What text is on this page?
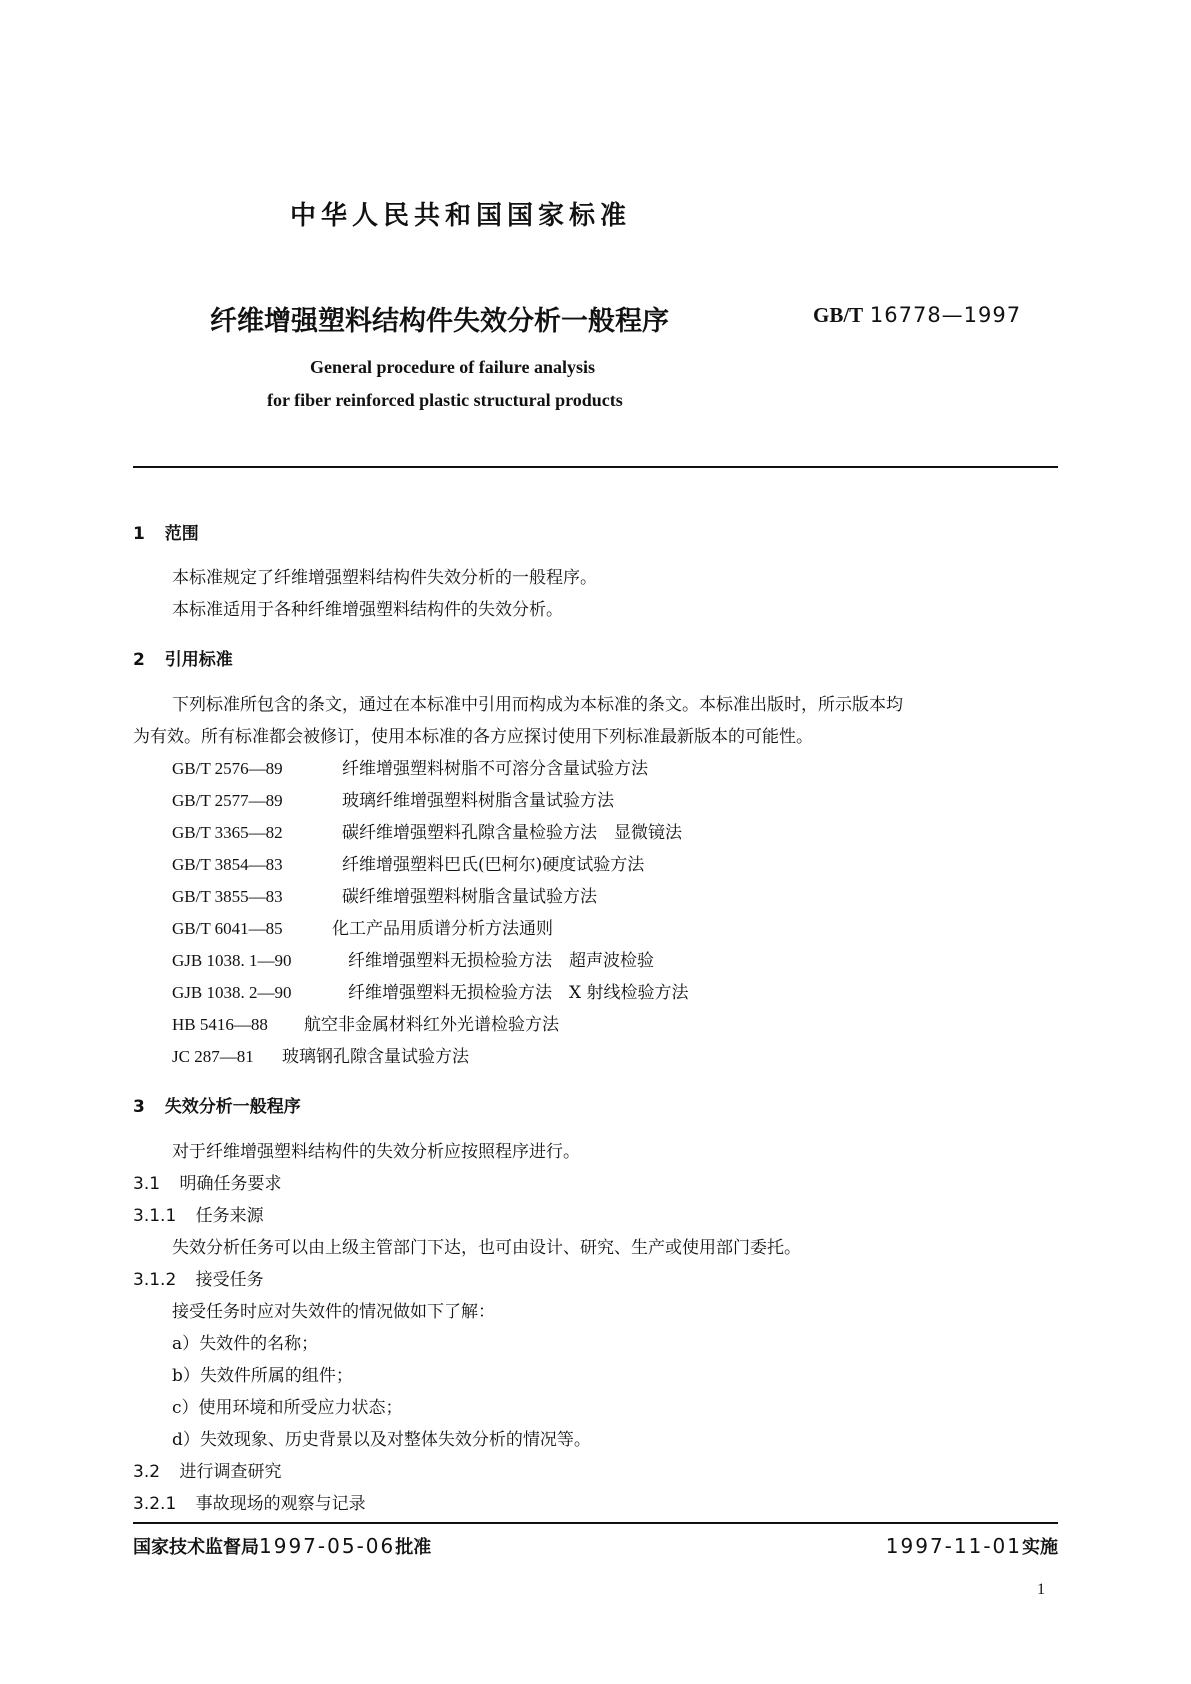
中华人民共和国国家标准
纤维增强塑料结构件失效分析一般程序	GB/T 16778—1997
General procedure of failure analysis
for fiber reinforced plastic structural products
1 范围
本标准规定了纤维增强塑料结构件失效分析的一般程序。
本标准适用于各种纤维增强塑料结构件的失效分析。
2 引用标准
下列标准所包含的条文，通过在本标准中引用而构成为本标准的条文。本标准出版时，所示版本均
为有效。所有标准都会被修订，使用本标准的各方应探讨使用下列标准最新版本的可能性。
GB/T 2576—89	纤维增强塑料树脂不可溶分含量试验方法
GB/T 2577—89	玻璃纤维增强塑料树脂含量试验方法
GB/T 3365—82	碳纤维增强塑料孔隙含量检验方法　显微镜法
GB/T 3854—83	纤维增强塑料巴氏(巴柯尔)硬度试验方法
GB/T 3855—83	碳纤维增强塑料树脂含量试验方法
GB/T 6041—85	化工产品用质谱分析方法通则
GJB 1038. 1—90	纤维增强塑料无损检验方法　超声波检验
GJB 1038. 2—90	纤维增强塑料无损检验方法　X 射线检验方法
HB 5416—88 航空非金属材料红外光谱检验方法
JC 287—81 玻璃钢孔隙含量试验方法
3 失效分析一般程序
对于纤维增强塑料结构件的失效分析应按照程序进行。
3.1 明确任务要求
3.1.1 任务来源
失效分析任务可以由上级主管部门下达，也可由设计、研究、生产或使用部门委托。
3.1.2 接受任务
接受任务时应对失效件的情况做如下了解：
a）失效件的名称；
b）失效件所属的组件；
c）使用环境和所受应力状态；
d）失效现象、历史背景以及对整体失效分析的情况等。
3.2 进行调查研究
3.2.1 事故现场的观察与记录
国家技术监督局1997-05-06批准	1997-11-01实施
1
